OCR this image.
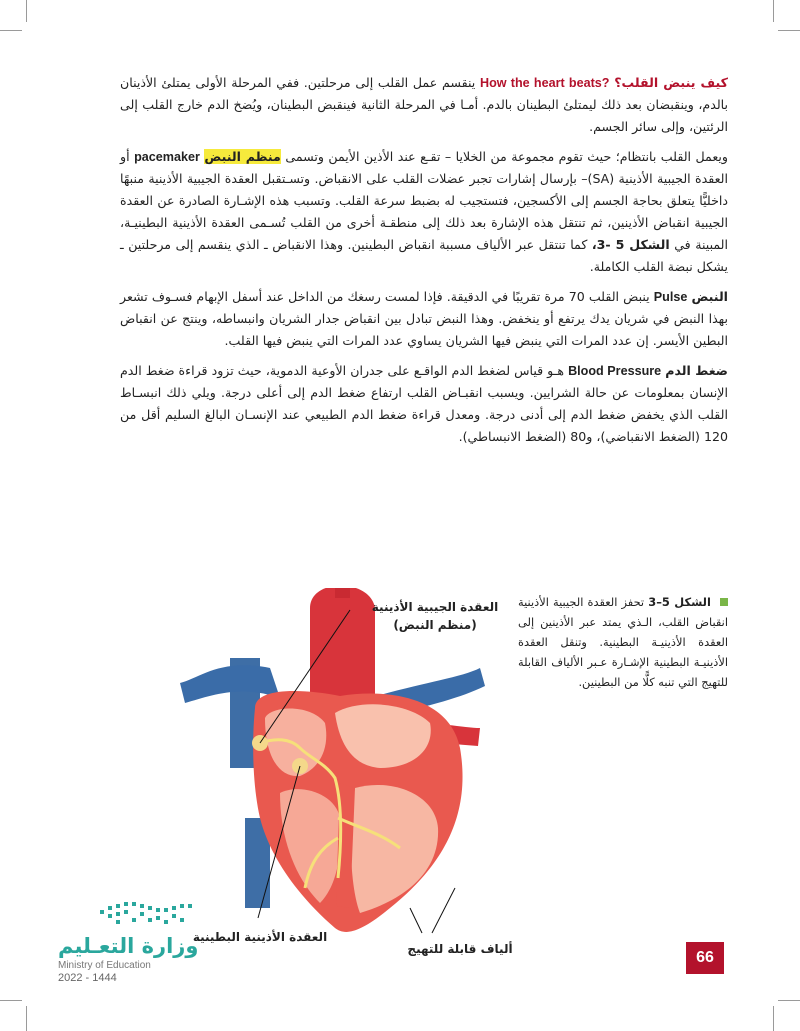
كيف ينبض القلب؟ How the heart beats? ينقسم عمل القلب إلى مرحلتين. ففي المرحلة الأولى يمتلئ الأذينان بالدم، وينقبضان بعد ذلك ليمتلئ البطينان بالدم. أمـا في المرحلة الثانية فينقبض البطينان، ويُضخ الدم خارج القلب إلى الرئتين، وإلى سائر الجسم.

ويعمل القلب بانتظام؛ حيث تقوم مجموعة من الخلايا – تقـع عند الأذين الأيمن وتسمى منظم النبض pacemaker أو العقدة الجيبية الأذينية (SA)– بإرسال إشارات تجبر عضلات القلب على الانقباض. وتسـتقبل العقدة الجيبية الأذينية منبهًا داخليًّا يتعلق بحاجة الجسم إلى الأكسجين، فتستجيب له بضبط سرعة القلب. وتسبب هذه الإشـارة الصادرة عن العقدة الجيبية انقباض الأذينين، ثم تنتقل هذه الإشارة بعد ذلك إلى منطقـة أخرى من القلب تُسـمى العقدة الأذينية البطينيـة، المبينة في الشكل 5 -3، كما تنتقل عبر الألياف مسببة انقباض البطينين. وهذا الانقباض ـ الذي ينقسم إلى مرحلتين ـ يشكل نبضة القلب الكاملة.

النبض Pulse ينبض القلب 70 مرة تقريبًا في الدقيقة. فإذا لمست رسغك من الداخل عند أسفل الإبهام فسـوف تشعر بهذا النبض في شريان يدك يرتفع أو ينخفض. وهذا النبض تبادل بين انقباض جدار الشريان وانبساطه، وينتج عن انقباض البطين الأيسر. إن عدد المرات التي ينبض فيها الشريان يساوي عدد المرات التي ينبض فيها القلب.

ضغط الدم Blood Pressure هـو قياس لضغط الدم الواقـع على جدران الأوعية الدموية، حيث تزود قراءة ضغط الدم الإنسان بمعلومات عن حالة الشرايين. ويسبب انقبـاض القلب ارتفاع ضغط الدم إلى أعلى درجة. ويلي ذلك انبسـاط القلب الذي يخفض ضغط الدم إلى أدنى درجة. ومعدل قراءة ضغط الدم الطبيعي عند الإنسـان البالغ السليم أقل من 120 (الضغط الانقباضي)، و80 (الضغط الانبساطي).

العقدة الجيبية الأذينية
(منظم النبض)
العقدة الأذينية البطينية
ألياف قابلة للتهيج
الشكل 5–3 تحفز العقدة الجيبية الأذينية انقباض القلب، الـذي يمتد عبر الأذينين إلى العقدة الأذينيـة البطينية. وتنقل العقدة الأذينيـة البطينية الإشـارة عـبر الألياف القابلة للتهيج التي تنبه كلًّا من البطينين.
وزارة التعـليم
Ministry of Education
2022 - 1444
66
